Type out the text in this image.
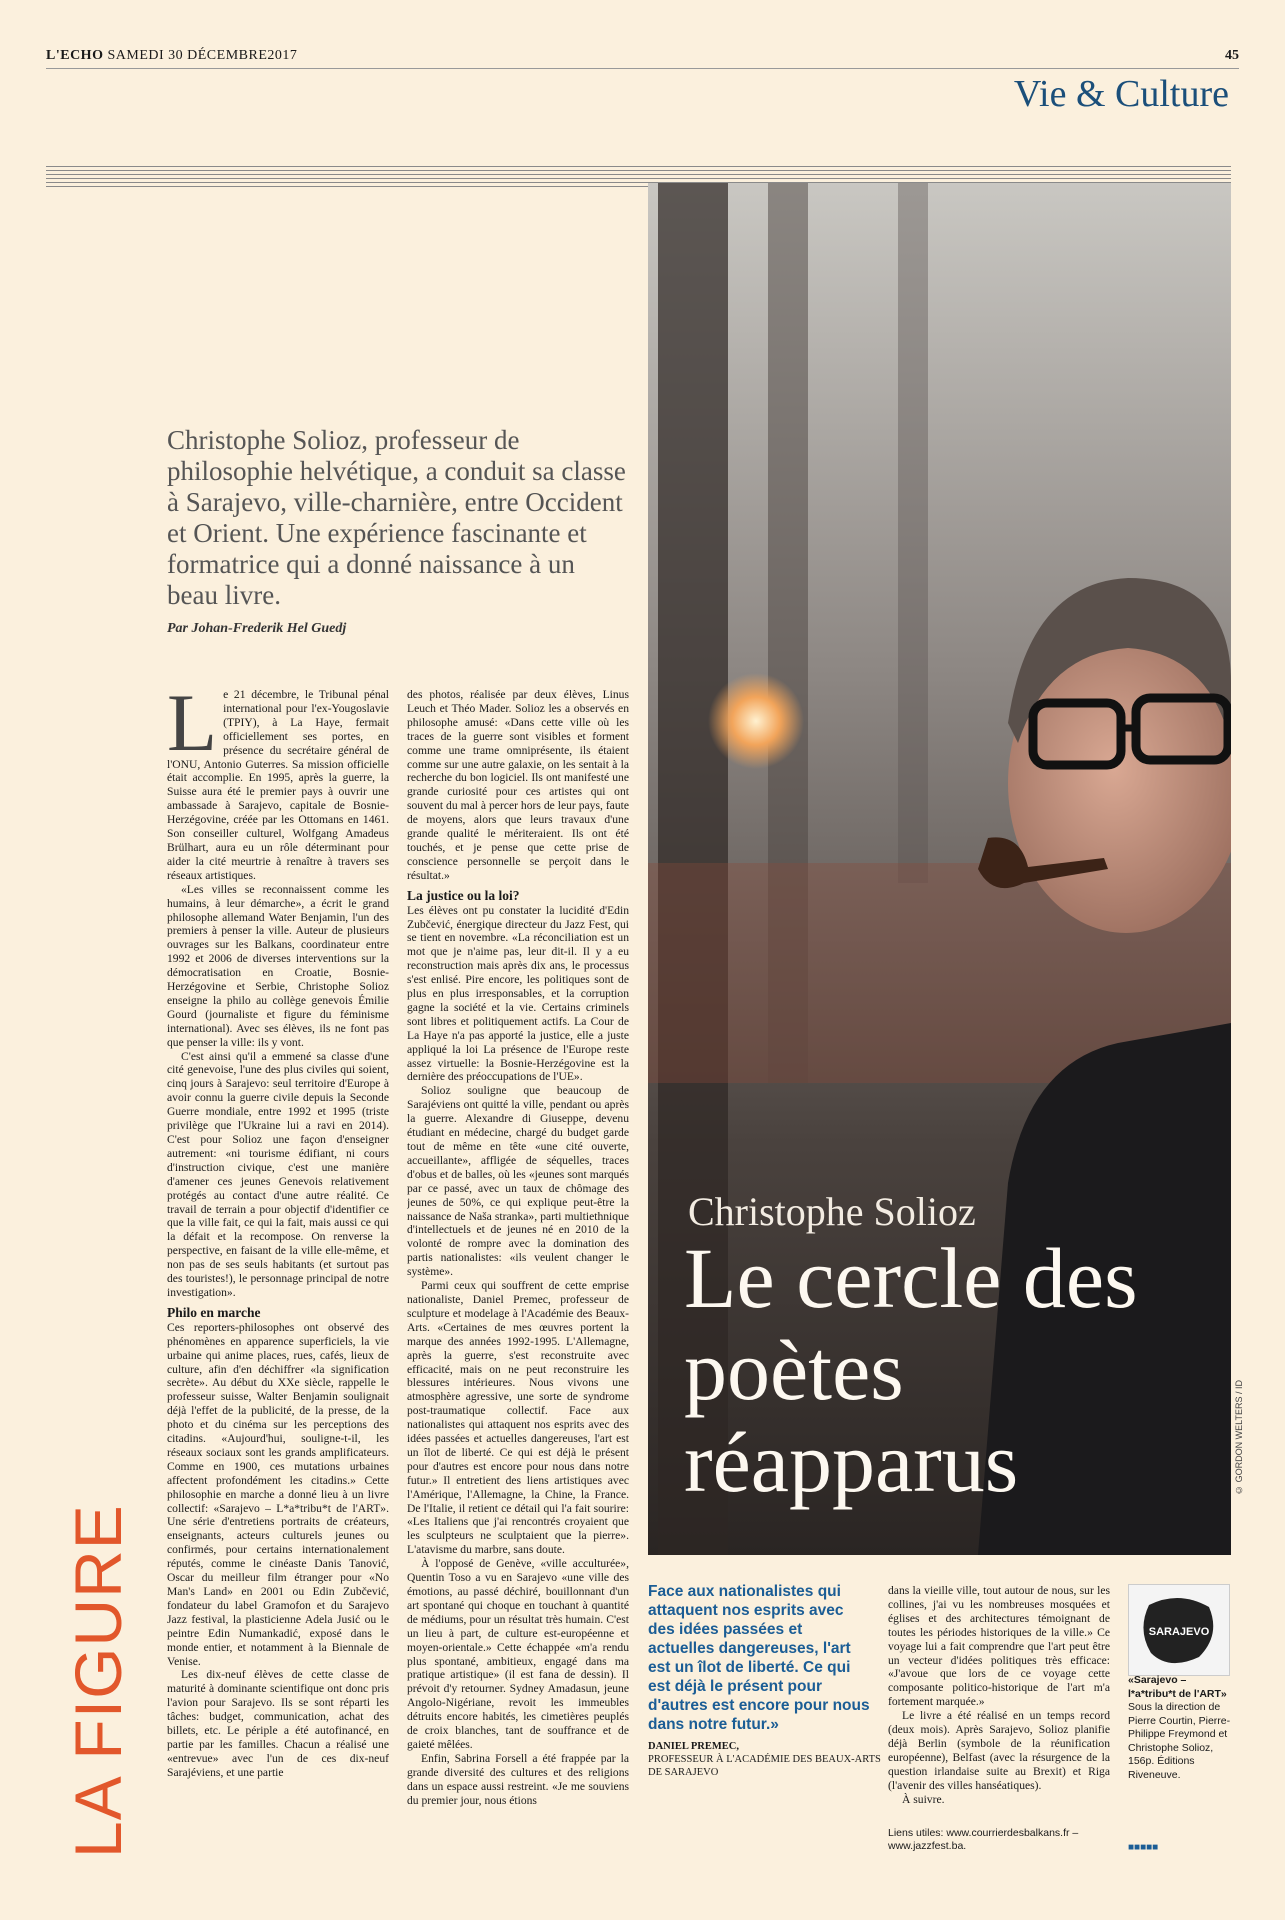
L'ECHO SAMEDI 30 DÉCEMBRE2017	45
Vie & Culture
Christophe Solioz
Le cercle des poètes réapparus	© GORDON WELTERS / ID
Christophe Solioz, professeur de philosophie helvétique, a conduit sa classe à Sarajevo, ville-charnière, entre Occident et Orient. Une expérience fascinante et formatrice qui a donné naissance à un beau livre.
Par Johan-Frederik Hel Guedj

L e 21 décembre, le Tribunal pénal international pour l'ex-Yougoslavie (TPIY), à La Haye, fermait officiellement ses portes, en présence du secrétaire général de l'ONU, Antonio Guterres. Sa mission officielle était accomplie. En 1995, après la guerre, la Suisse aura été le premier pays à ouvrir une ambassade à Sarajevo, capitale de Bosnie-Herzégovine, créée par les Ottomans en 1461. Son conseiller culturel, Wolfgang Amadeus Brülhart, aura eu un rôle déterminant pour aider la cité meurtrie à renaître à travers ses réseaux artistiques.

«Les villes se reconnaissent comme les humains, à leur démarche», a écrit le grand philosophe allemand Water Benjamin, l'un des premiers à penser la ville. Auteur de plusieurs ouvrages sur les Balkans, coordinateur entre 1992 et 2006 de diverses interventions sur la démocratisation en Croatie, Bosnie-Herzégovine et Serbie, Christophe Solioz enseigne la philo au collège genevois Émilie Gourd (journaliste et figure du féminisme international). Avec ses élèves, ils ne font pas que penser la ville: ils y vont.

C'est ainsi qu'il a emmené sa classe d'une cité genevoise, l'une des plus civiles qui soient, cinq jours à Sarajevo: seul territoire d'Europe à avoir connu la guerre civile depuis la Seconde Guerre mondiale, entre 1992 et 1995 (triste privilège que l'Ukraine lui a ravi en 2014). C'est pour Solioz une façon d'enseigner autrement: «ni tourisme édifiant, ni cours d'instruction civique, c'est une manière d'amener ces jeunes Genevois relativement protégés au contact d'une autre réalité. Ce travail de terrain a pour objectif d'identifier ce que la ville fait, ce qui la fait, mais aussi ce qui la défait et la recompose. On renverse la perspective, en faisant de la ville elle-même, et non pas de ses seuls habitants (et surtout pas des touristes!), le personnage principal de notre investigation».

Philo en marche

Ces reporters-philosophes ont observé des phénomènes en apparence superficiels, la vie urbaine qui anime places, rues, cafés, lieux de culture, afin d'en déchiffrer «la signification secrète». Au début du XXe siècle, rappelle le professeur suisse, Walter Benjamin soulignait déjà l'effet de la publicité, de la presse, de la photo et du cinéma sur les perceptions des citadins. «Aujourd'hui, souligne-t-il, les réseaux sociaux sont les grands amplificateurs. Comme en 1900, ces mutations urbaines affectent profondément les citadins.» Cette philosophie en marche a donné lieu à un livre collectif: «Sarajevo – L*a*tribu*t de l'ART». Une série d'entretiens portraits de créateurs, enseignants, acteurs culturels jeunes ou confirmés, pour certains internationalement réputés, comme le cinéaste Danis Tanović, Oscar du meilleur film étranger pour «No Man's Land» en 2001 ou Edin Zubčević, fondateur du label Gramofon et du Sarajevo Jazz festival, la plasticienne Adela Jusić ou le peintre Edin Numankadić, exposé dans le monde entier, et notamment à la Biennale de Venise.

Les dix-neuf élèves de cette classe de maturité à dominante scientifique ont donc pris l'avion pour Sarajevo. Ils se sont réparti les tâches: budget, communication, achat des billets, etc. Le périple a été autofinancé, en partie par les familles. Chacun a réalisé une «entrevue» avec l'un de ces dix-neuf Sarajéviens, et une partie

des photos, réalisée par deux élèves, Linus Leuch et Théo Mader. Solioz les a observés en philosophe amusé: «Dans cette ville où les traces de la guerre sont visibles et forment comme une trame omniprésente, ils étaient comme sur une autre galaxie, on les sentait à la recherche du bon logiciel. Ils ont manifesté une grande curiosité pour ces artistes qui ont souvent du mal à percer hors de leur pays, faute de moyens, alors que leurs travaux d'une grande qualité le mériteraient. Ils ont été touchés, et je pense que cette prise de conscience personnelle se perçoit dans le résultat.»

La justice ou la loi?

Les élèves ont pu constater la lucidité d'Edin Zubčević, énergique directeur du Jazz Fest, qui se tient en novembre. «La réconciliation est un mot que je n'aime pas, leur dit-il. Il y a eu reconstruction mais après dix ans, le processus s'est enlisé. Pire encore, les politiques sont de plus en plus irresponsables, et la corruption gagne la société et la vie. Certains criminels sont libres et politiquement actifs. La Cour de La Haye n'a pas apporté la justice, elle a juste appliqué la loi La présence de l'Europe reste assez virtuelle: la Bosnie-Herzégovine est la dernière des préoccupations de l'UE».

Solioz souligne que beaucoup de Sarajéviens ont quitté la ville, pendant ou après la guerre. Alexandre di Giuseppe, devenu étudiant en médecine, chargé du budget garde tout de même en tête «une cité ouverte, accueillante», affligée de séquelles, traces d'obus et de balles, où les «jeunes sont marqués par ce passé, avec un taux de chômage des jeunes de 50%, ce qui explique peut-être la naissance de Naša stranka», parti multiethnique d'intellectuels et de jeunes né en 2010 de la volonté de rompre avec la domination des partis nationalistes: «ils veulent changer le système».

Parmi ceux qui souffrent de cette emprise nationaliste, Daniel Premec, professeur de sculpture et modelage à l'Académie des Beaux-Arts. «Certaines de mes œuvres portent la marque des années 1992-1995. L'Allemagne, après la guerre, s'est reconstruite avec efficacité, mais on ne peut reconstruire les blessures intérieures. Nous vivons une atmosphère agressive, une sorte de syndrome post-traumatique collectif. Face aux nationalistes qui attaquent nos esprits avec des idées passées et actuelles dangereuses, l'art est un îlot de liberté. Ce qui est déjà le présent pour d'autres est encore pour nous dans notre futur.» Il entretient des liens artistiques avec l'Amérique, l'Allemagne, la Chine, la France. De l'Italie, il retient ce détail qui l'a fait sourire: «Les Italiens que j'ai rencontrés croyaient que les sculpteurs ne sculptaient que la pierre». L'atavisme du marbre, sans doute.

À l'opposé de Genève, «ville acculturée», Quentin Toso a vu en Sarajevo «une ville des émotions, au passé déchiré, bouillonnant d'un art spontané qui choque en touchant à quantité de médiums, pour un résultat très humain. C'est un lieu à part, de culture est-européenne et moyen-orientale.» Cette échappée «m'a rendu plus spontané, ambitieux, engagé dans ma pratique artistique» (il est fana de dessin). Il prévoit d'y retourner. Sydney Amadasun, jeune Angolo-Nigériane, revoit les immeubles détruits encore habités, les cimetières peuplés de croix blanches, tant de souffrance et de gaieté mêlées.

Enfin, Sabrina Forsell a été frappée par la grande diversité des cultures et des religions dans un espace aussi restreint. «Je me souviens du premier jour, nous étions

LA FIGURE	Face aux nationalistes qui attaquent nos esprits avec des idées passées et actuelles dangereuses, l'art est un îlot de liberté. Ce qui est déjà le présent pour d'autres est encore pour nous dans notre futur.»
DANIEL PREMEC,
PROFESSEUR À L'ACADÉMIE DES BEAUX-ARTS DE SARAJEVO

dans la vieille ville, tout autour de nous, sur les collines, j'ai vu les nombreuses mosquées et églises et des architectures témoignant de toutes les périodes historiques de la ville.» Ce voyage lui a fait comprendre que l'art peut être un vecteur d'idées politiques très efficace: «J'avoue que lors de ce voyage cette composante politico-historique de l'art m'a fortement marquée.»

Le livre a été réalisé en un temps record (deux mois). Après Sarajevo, Solioz planifie déjà Berlin (symbole de la réunification européenne), Belfast (avec la résurgence de la question irlandaise suite au Brexit) et Riga (l'avenir des villes hanséatiques).

À suivre.

Liens utiles: www.courrierdesbalkans.fr – www.jazzfest.ba.
SARAJEVO
«Sarajevo – l*a*tribu*t de l'ART»
Sous la direction de Pierre Courtin, Pierre-Philippe Freymond et Christophe Solioz, 156p. Éditions Riveneuve.
■■■■■
